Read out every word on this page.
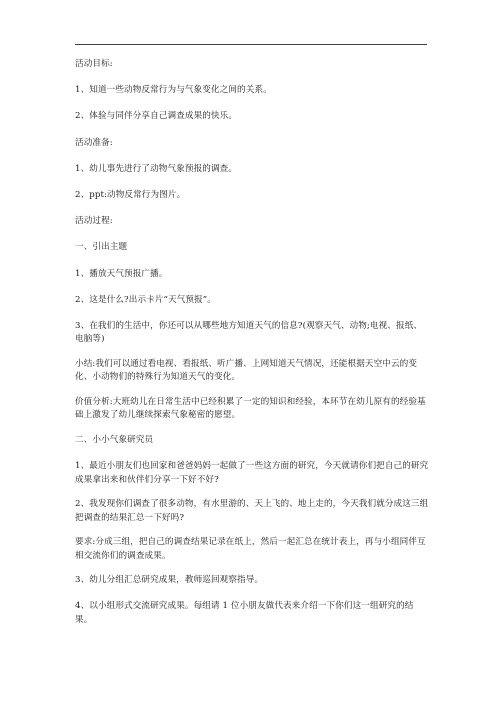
活动目标:

1、知道一些动物反常行为与气象变化之间的关系。

2、体验与同伴分享自己调查成果的快乐。

活动准备:

1、幼儿事先进行了动物气象预报的调查。

2、ppt:动物反常行为图片。

活动过程:

一、引出主题

1、播放天气预报广播。

2、这是什么?出示卡片“天气预报”。

3、在我们的生活中，你还可以从哪些地方知道天气的信息?(观察天气、动物;电视、报纸、电脑等)

小结:我们可以通过看电视、看报纸、听广播、上网知道天气情况，还能根据天空中云的变化、小动物们的特殊行为知道天气的变化。

价值分析:大班幼儿在日常生活中已经积累了一定的知识和经验，本环节在幼儿原有的经验基础上激发了幼儿继续探索气象秘密的愿望。

二、小小气象研究员

1、最近小朋友们也回家和爸爸妈妈一起做了一些这方面的研究，今天就请你们把自己的研究成果拿出来和伙伴们分享一下好不好?

2、我发现你们调查了很多动物，有水里游的、天上飞的、地上走的，今天我们就分成这三组把调查的结果汇总一下好吗?

要求:分成三组，把自己的调查结果记录在纸上，然后一起汇总在统计表上，再与小组同伴互相交流你们的调查成果。

3、幼儿分组汇总研究成果，教师巡回观察指导。

4、以小组形式交流研究成果。每组请 1 位小朋友做代表来介绍一下你们这一组研究的结果。
